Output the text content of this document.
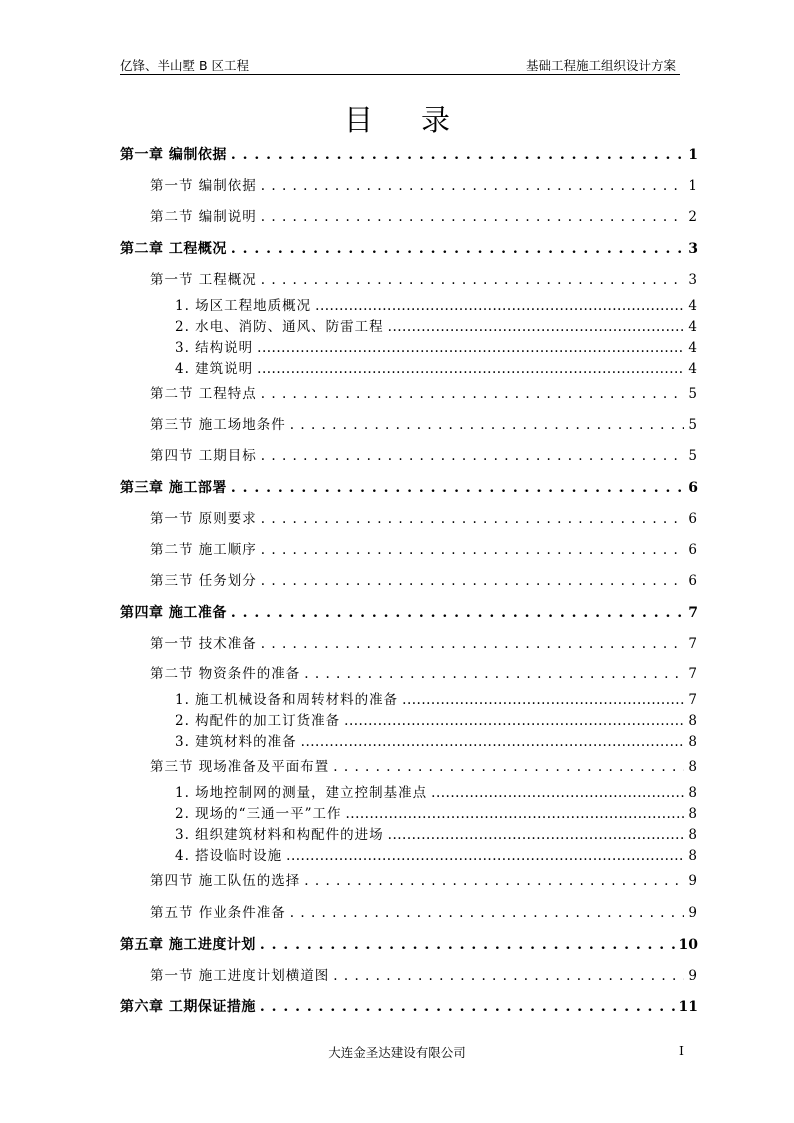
亿锋、半山墅 B 区工程	基础工程施工组织设计方案
目 录
第一章 编制依据 . . .	1
第一节 编制依据 . . .	1
第二节 编制说明 . . .	2
第二章 工程概况 . . .	3
第一节 工程概况 . . .	3
1. 场区工程地质概况 .....	4
2. 水电、消防、通风、防雷工程 .....	4
3. 结构说明 .....	4
4. 建筑说明 .....	4
第二节 工程特点 . . .	5
第三节 施工场地条件 . . .	5
第四节 工期目标 . . .	5
第三章 施工部署 . . .	6
第一节 原则要求 . . .	6
第二节 施工顺序 . . .	6
第三节 任务划分 . . .	6
第四章 施工准备 . . .	7
第一节 技术准备 . . .	7
第二节 物资条件的准备 . . .	7
1. 施工机械设备和周转材料的准备 .....	7
2. 构配件的加工订货准备 .....	8
3. 建筑材料的准备 .....	8
第三节 现场准备及平面布置 . . .	8
1. 场地控制网的测量，建立控制基准点 .....	8
2. 现场的“三通一平”工作 .....	8
3. 组织建筑材料和构配件的进场 .....	8
4. 搭设临时设施 .....	8
第四节 施工队伍的选择 . . .	9
第五节 作业条件准备 . . .	9
第五章 施工进度计划 . . .	10
第一节 施工进度计划横道图 . . .	9
第六章 工期保证措施 . . .	11
大连金圣达建设有限公司	I
